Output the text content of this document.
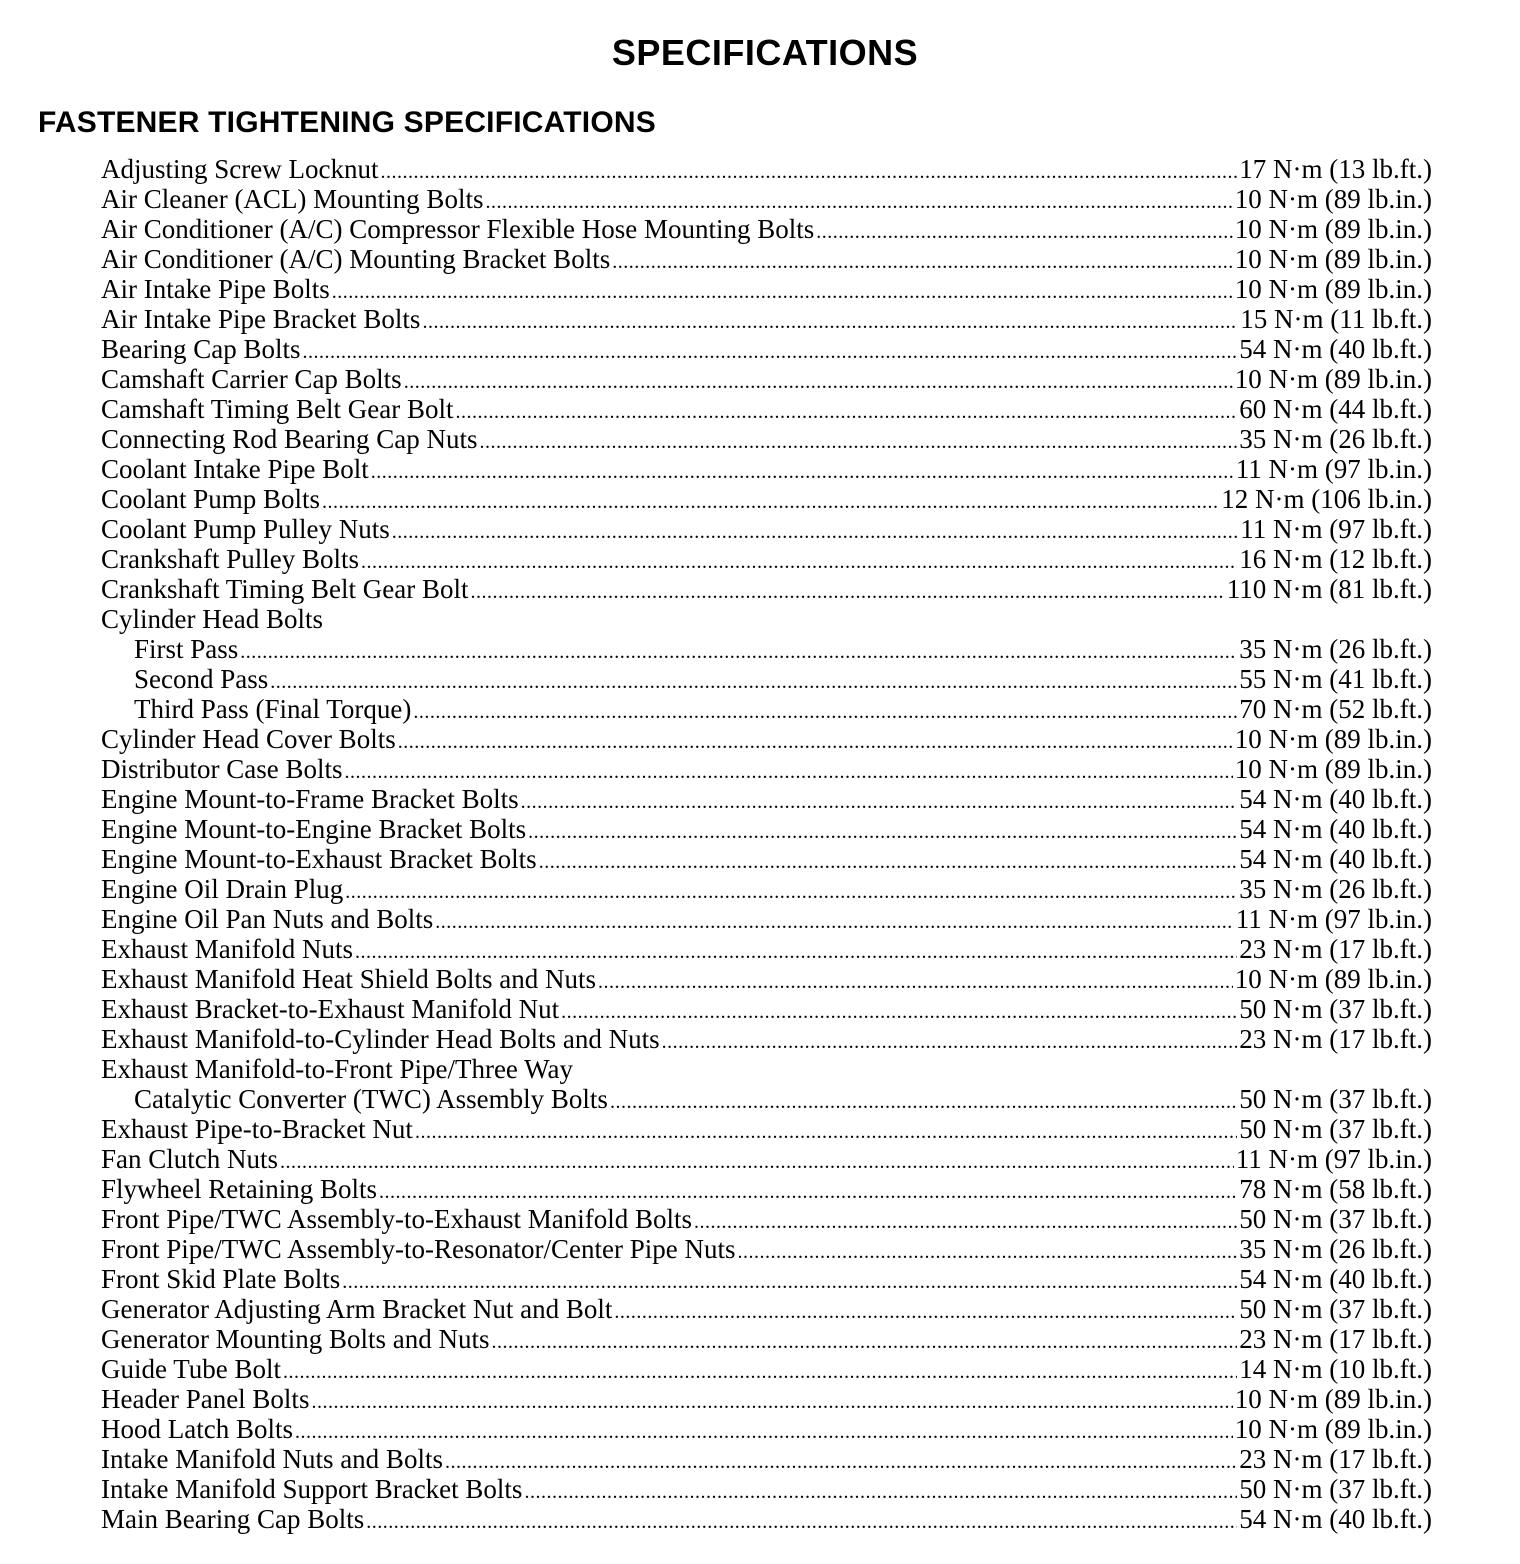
SPECIFICATIONS
FASTENER TIGHTENING SPECIFICATIONS
Adjusting Screw Locknut .....	17 N·m (13 lb.ft.)
Air Cleaner (ACL) Mounting Bolts .....	10 N·m (89 lb.in.)
Air Conditioner (A/C) Compressor Flexible Hose Mounting Bolts .....	10 N·m (89 lb.in.)
Air Conditioner (A/C) Mounting Bracket Bolts .....	10 N·m (89 lb.in.)
Air Intake Pipe Bolts .....	10 N·m (89 lb.in.)
Air Intake Pipe Bracket Bolts .....	15 N·m (11 lb.ft.)
Bearing Cap Bolts .....	54 N·m (40 lb.ft.)
Camshaft Carrier Cap Bolts .....	10 N·m (89 lb.in.)
Camshaft Timing Belt Gear Bolt .....	60 N·m (44 lb.ft.)
Connecting Rod Bearing Cap Nuts .....	35 N·m (26 lb.ft.)
Coolant Intake Pipe Bolt .....	11 N·m (97 lb.in.)
Coolant Pump Bolts .....	12 N·m (106 lb.in.)
Coolant Pump Pulley Nuts .....	11 N·m (97 lb.ft.)
Crankshaft Pulley Bolts .....	16 N·m (12 lb.ft.)
Crankshaft Timing Belt Gear Bolt .....	110 N·m (81 lb.ft.)
Cylinder Head Bolts
First Pass .....	35 N·m (26 lb.ft.)
Second Pass .....	55 N·m (41 lb.ft.)
Third Pass (Final Torque) .....	70 N·m (52 lb.ft.)
Cylinder Head Cover Bolts .....	10 N·m (89 lb.in.)
Distributor Case Bolts .....	10 N·m (89 lb.in.)
Engine Mount-to-Frame Bracket Bolts .....	54 N·m (40 lb.ft.)
Engine Mount-to-Engine Bracket Bolts .....	54 N·m (40 lb.ft.)
Engine Mount-to-Exhaust Bracket Bolts .....	54 N·m (40 lb.ft.)
Engine Oil Drain Plug .....	35 N·m (26 lb.ft.)
Engine Oil Pan Nuts and Bolts .....	11 N·m (97 lb.in.)
Exhaust Manifold Nuts .....	23 N·m (17 lb.ft.)
Exhaust Manifold Heat Shield Bolts and Nuts .....	10 N·m (89 lb.in.)
Exhaust Bracket-to-Exhaust Manifold Nut .....	50 N·m (37 lb.ft.)
Exhaust Manifold-to-Cylinder Head Bolts and Nuts .....	23 N·m (17 lb.ft.)
Exhaust Manifold-to-Front Pipe/Three Way
Catalytic Converter (TWC) Assembly Bolts .....	50 N·m (37 lb.ft.)
Exhaust Pipe-to-Bracket Nut .....	50 N·m (37 lb.ft.)
Fan Clutch Nuts .....	11 N·m (97 lb.in.)
Flywheel Retaining Bolts .....	78 N·m (58 lb.ft.)
Front Pipe/TWC Assembly-to-Exhaust Manifold Bolts .....	50 N·m (37 lb.ft.)
Front Pipe/TWC Assembly-to-Resonator/Center Pipe Nuts .....	35 N·m (26 lb.ft.)
Front Skid Plate Bolts .....	54 N·m (40 lb.ft.)
Generator Adjusting Arm Bracket Nut and Bolt .....	50 N·m (37 lb.ft.)
Generator Mounting Bolts and Nuts .....	23 N·m (17 lb.ft.)
Guide Tube Bolt .....	14 N·m (10 lb.ft.)
Header Panel Bolts .....	10 N·m (89 lb.in.)
Hood Latch Bolts .....	10 N·m (89 lb.in.)
Intake Manifold Nuts and Bolts .....	23 N·m (17 lb.ft.)
Intake Manifold Support Bracket Bolts .....	50 N·m (37 lb.ft.)
Main Bearing Cap Bolts .....	54 N·m (40 lb.ft.)
